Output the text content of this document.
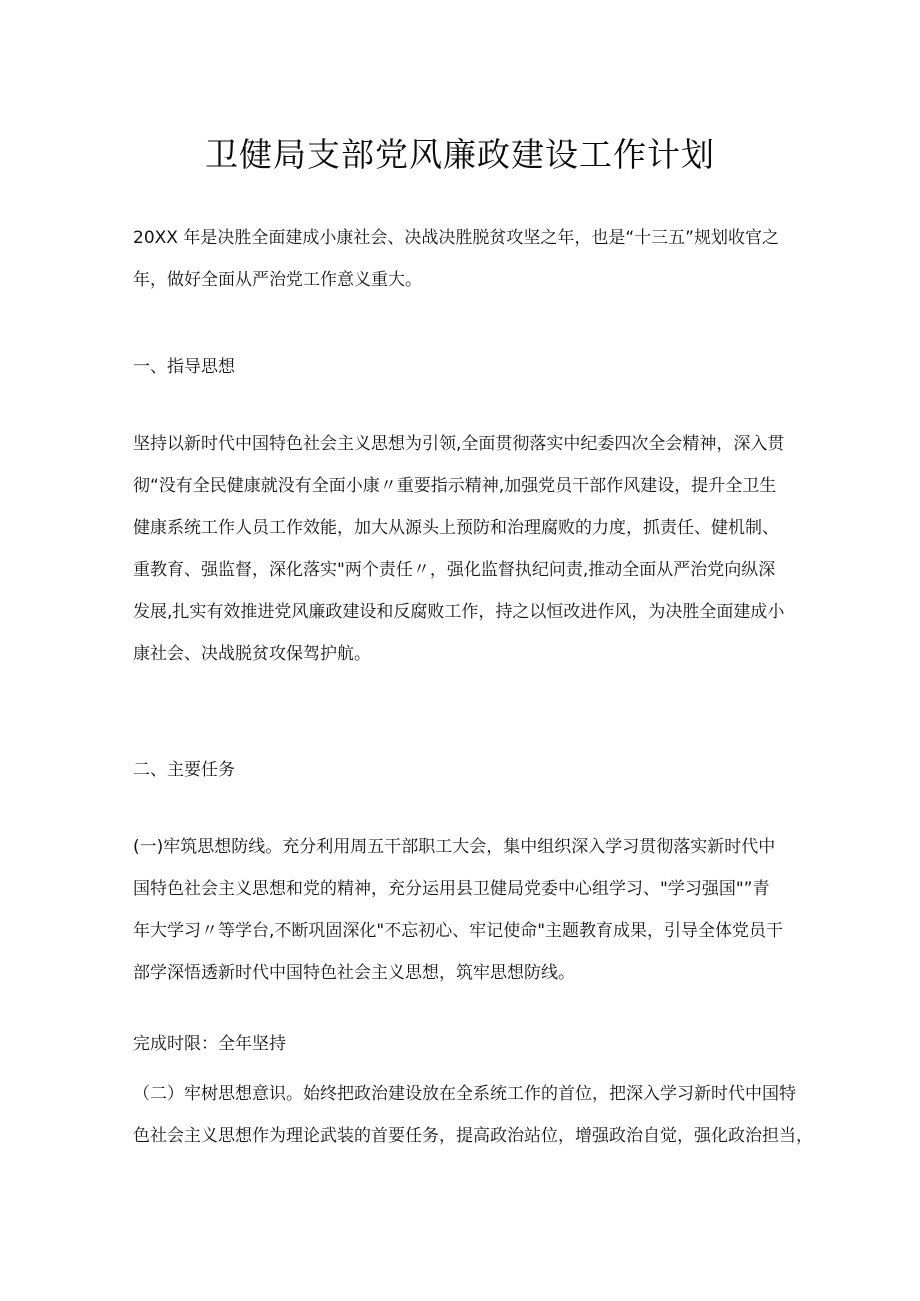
卫健局支部党风廉政建设工作计划
20XX 年是决胜全面建成小康社会、决战决胜脱贫攻坚之年，也是“十三五”规划收官之
年，做好全面从严治党工作意义重大。
一、指导思想
坚持以新时代中国特色社会主义思想为引领,全面贯彻落实中纪委四次全会精神，深入贯
彻“没有全民健康就没有全面小康〃重要指示精神,加强党员干部作风建设，提升全卫生
健康系统工作人员工作效能，加大从源头上预防和治理腐败的力度，抓责任、健机制、
重教育、强监督，深化落实"两个责任〃，强化监督执纪问责,推动全面从严治党向纵深
发展,扎实有效推进党风廉政建设和反腐败工作，持之以恒改进作风，为决胜全面建成小
康社会、决战脱贫攻保驾护航。
二、主要任务
(一)牢筑思想防线。充分利用周五干部职工大会，集中组织深入学习贯彻落实新时代中
国特色社会主义思想和党的精神，充分运用县卫健局党委中心组学习、"学习强国"”青
年大学习〃等学台,不断巩固深化"不忘初心、牢记使命"主题教育成果，引导全体党员干
部学深悟透新时代中国特色社会主义思想，筑牢思想防线。

完成时限：全年坚持

（二）牢树思想意识。始终把政治建设放在全系统工作的首位，把深入学习新时代中国特
色社会主义思想作为理论武装的首要任务，提高政治站位，增强政治自觉，强化政治担当，
